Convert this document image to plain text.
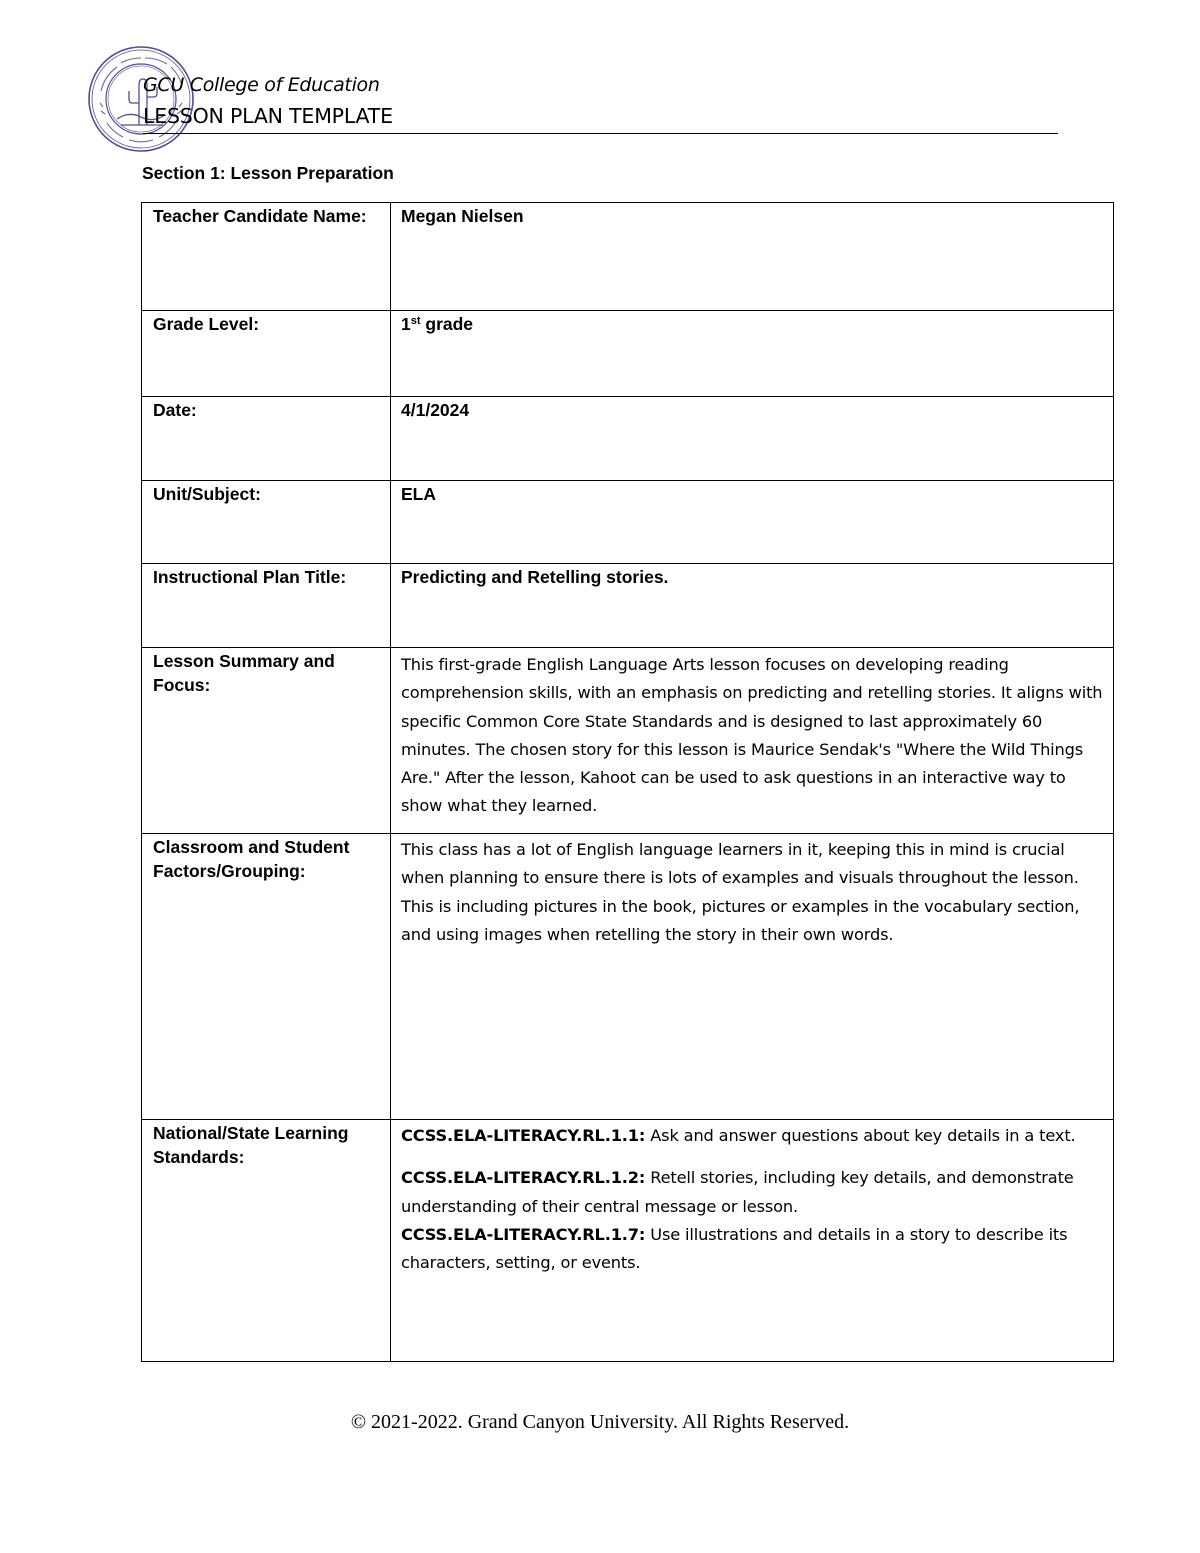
GCU College of Education
LESSON PLAN TEMPLATE
Section 1: Lesson Preparation
Teacher Candidate Name:	Megan Nielsen

Grade Level:	1st grade

Date:	4/1/2024

Unit/Subject:	ELA

Instructional Plan Title:	Predicting and Retelling stories.

Lesson Summary and Focus:	This first-grade English Language Arts lesson focuses on developing reading comprehension skills, with an emphasis on predicting and retelling stories. It aligns with specific Common Core State Standards and is designed to last approximately 60 minutes. The chosen story for this lesson is Maurice Sendak's "Where the Wild Things Are." After the lesson, Kahoot can be used to ask questions in an interactive way to show what they learned.

Classroom and Student Factors/Grouping:	This class has a lot of English language learners in it, keeping this in mind is crucial when planning to ensure there is lots of examples and visuals throughout the lesson. This is including pictures in the book, pictures or examples in the vocabulary section, and using images when retelling the story in their own words.

National/State Learning Standards:	CCSS.ELA-LITERACY.RL.1.1: Ask and answer questions about key details in a text.
CCSS.ELA-LITERACY.RL.1.2: Retell stories, including key details, and demonstrate understanding of their central message or lesson.
CCSS.ELA-LITERACY.RL.1.7: Use illustrations and details in a story to describe its characters, setting, or events.
© 2021-2022. Grand Canyon University. All Rights Reserved.
